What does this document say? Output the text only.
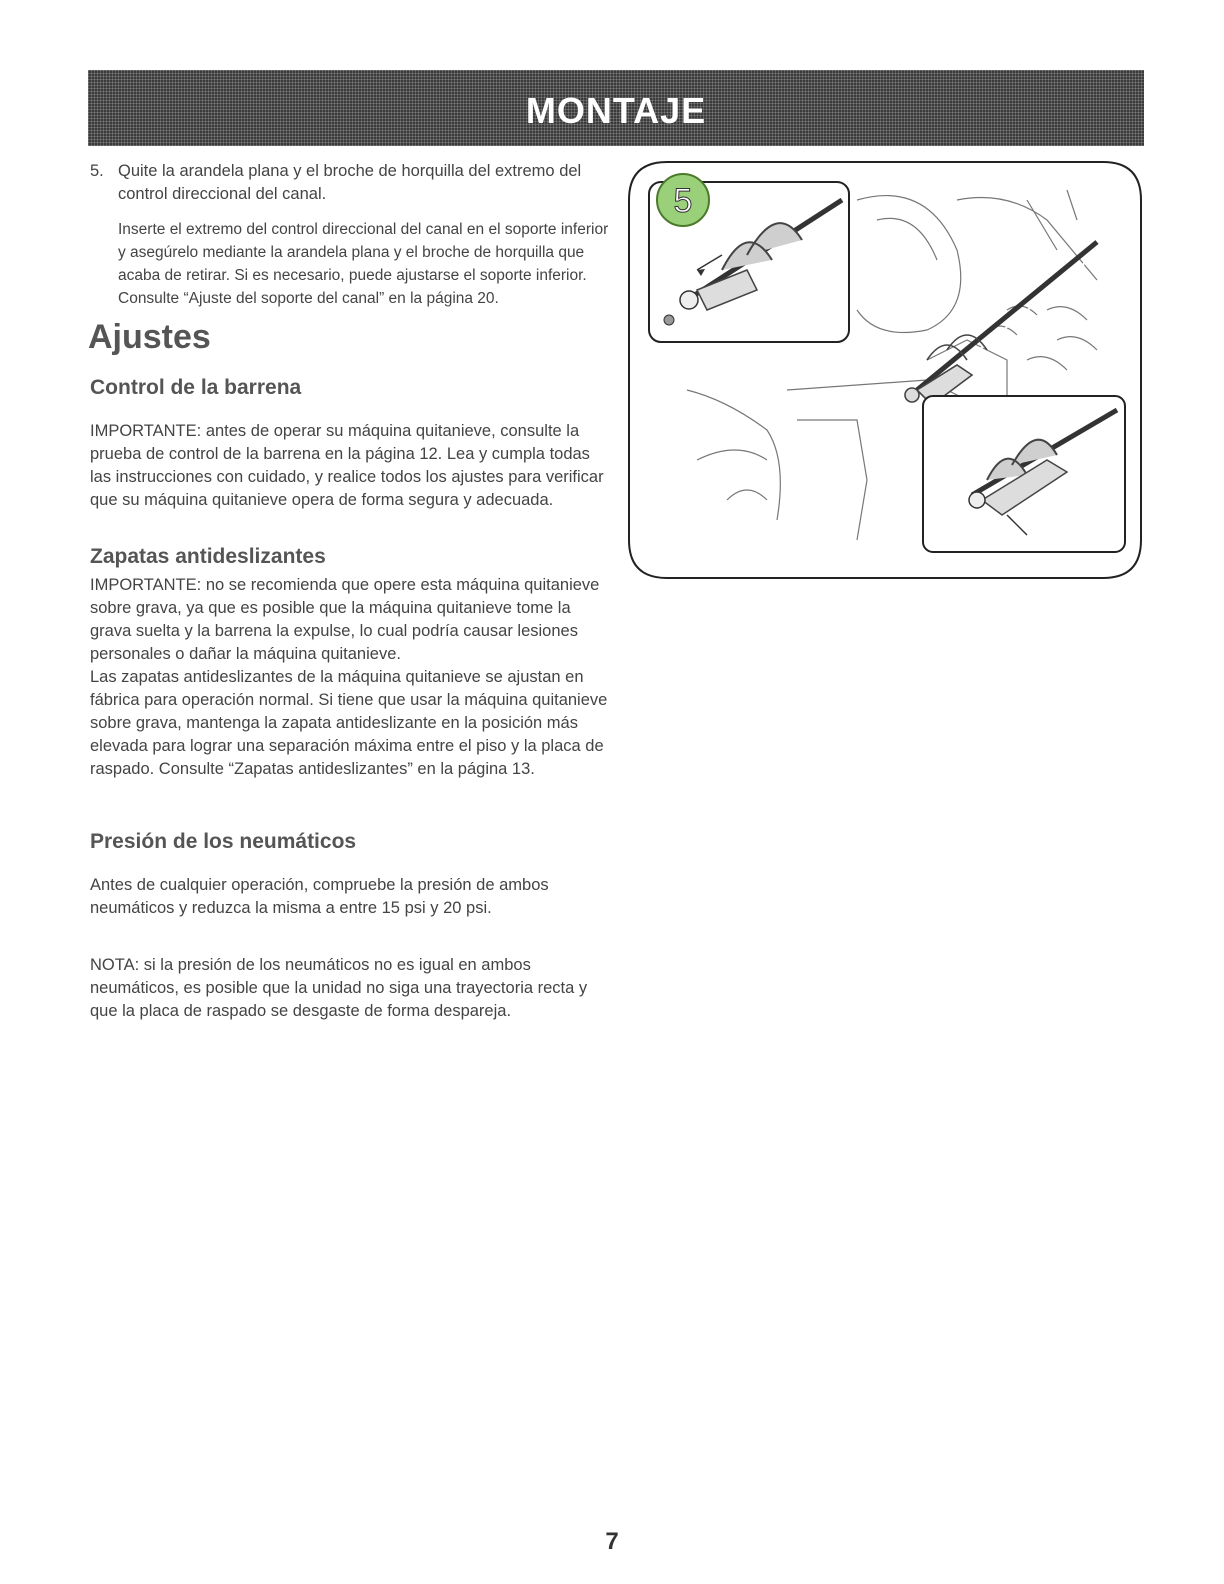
MONTAJE
5. Quite la arandela plana y el broche de horquilla del extremo del control direccional del canal.

Inserte el extremo del control direccional del canal en el soporte inferior y asegúrelo mediante la arandela plana y el broche de horquilla que acaba de retirar. Si es necesario, puede ajustarse el soporte inferior. Consulte “Ajuste del soporte del canal” en la página 20.

Ajustes
Control de la barrena

IMPORTANTE: antes de operar su máquina quitanieve, consulte la prueba de control de la barrena en la página 12. Lea y cumpla todas las instrucciones con cuidado, y realice todos los ajustes para verificar que su máquina quitanieve opera de forma segura y adecuada.

Zapatas antideslizantes

IMPORTANTE: no se recomienda que opere esta máquina quitanieve sobre grava, ya que es posible que la máquina quitanieve tome la grava suelta y la barrena la expulse, lo cual podría causar lesiones personales o dañar la máquina quitanieve.

Las zapatas antideslizantes de la máquina quitanieve se ajustan en fábrica para operación normal. Si tiene que usar la máquina quitanieve sobre grava, mantenga la zapata antideslizante en la posición más elevada para lograr una separación máxima entre el piso y la placa de raspado. Consulte “Zapatas antideslizantes” en la página 13.

Presión de los neumáticos

Antes de cualquier operación, compruebe la presión de ambos neumáticos y reduzca la misma a entre 15 psi y 20 psi.

NOTA: si la presión de los neumáticos no es igual en ambos neumáticos, es posible que la unidad no siga una trayectoria recta y que la placa de raspado se desgaste de forma despareja.

5
7
